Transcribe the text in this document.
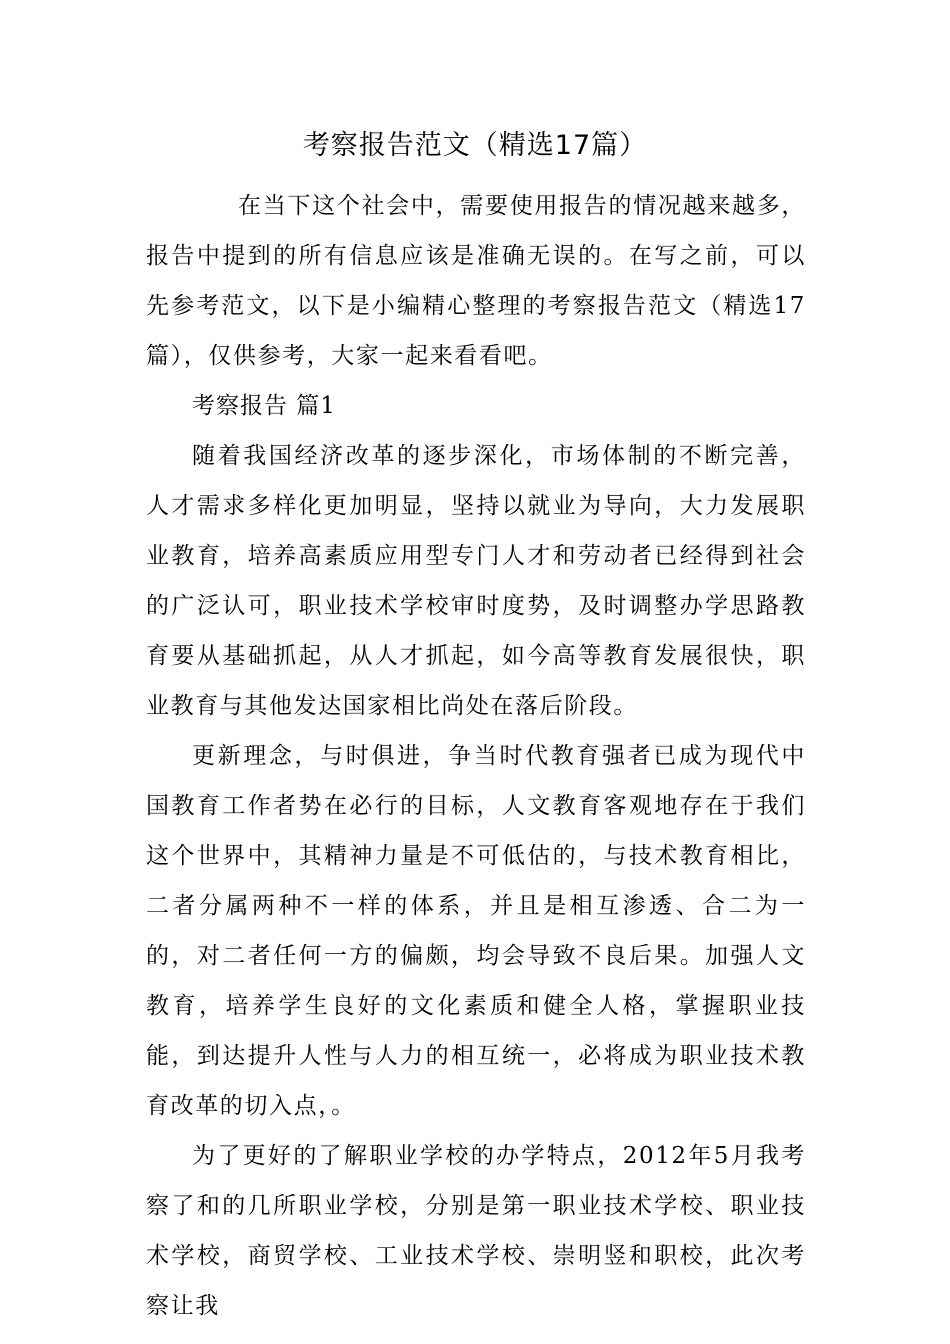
考察报告范文（精选17篇）

在当下这个社会中，需要使用报告的情况越来越多，报告中提到的所有信息应该是准确无误的。在写之前，可以先参考范文，以下是小编精心整理的考察报告范文（精选17篇），仅供参考，大家一起来看看吧。

考察报告 篇1

随着我国经济改革的逐步深化，市场体制的不断完善，人才需求多样化更加明显，坚持以就业为导向，大力发展职业教育，培养高素质应用型专门人才和劳动者已经得到社会的广泛认可，职业技术学校审时度势，及时调整办学思路教育要从基础抓起，从人才抓起，如今高等教育发展很快，职业教育与其他发达国家相比尚处在落后阶段。

更新理念，与时俱进，争当时代教育强者已成为现代中国教育工作者势在必行的目标，人文教育客观地存在于我们这个世界中，其精神力量是不可低估的，与技术教育相比，二者分属两种不一样的体系，并且是相互渗透、合二为一的，对二者任何一方的偏颇，均会导致不良后果。加强人文教育，培养学生良好的文化素质和健全人格，掌握职业技能，到达提升人性与人力的相互统一，必将成为职业技术教育改革的切入点，。

为了更好的了解职业学校的办学特点，2012年5月我考察了和的几所职业学校，分别是第一职业技术学校、职业技术学校，商贸学校、工业技术学校、崇明竖和职校，此次考察让我
